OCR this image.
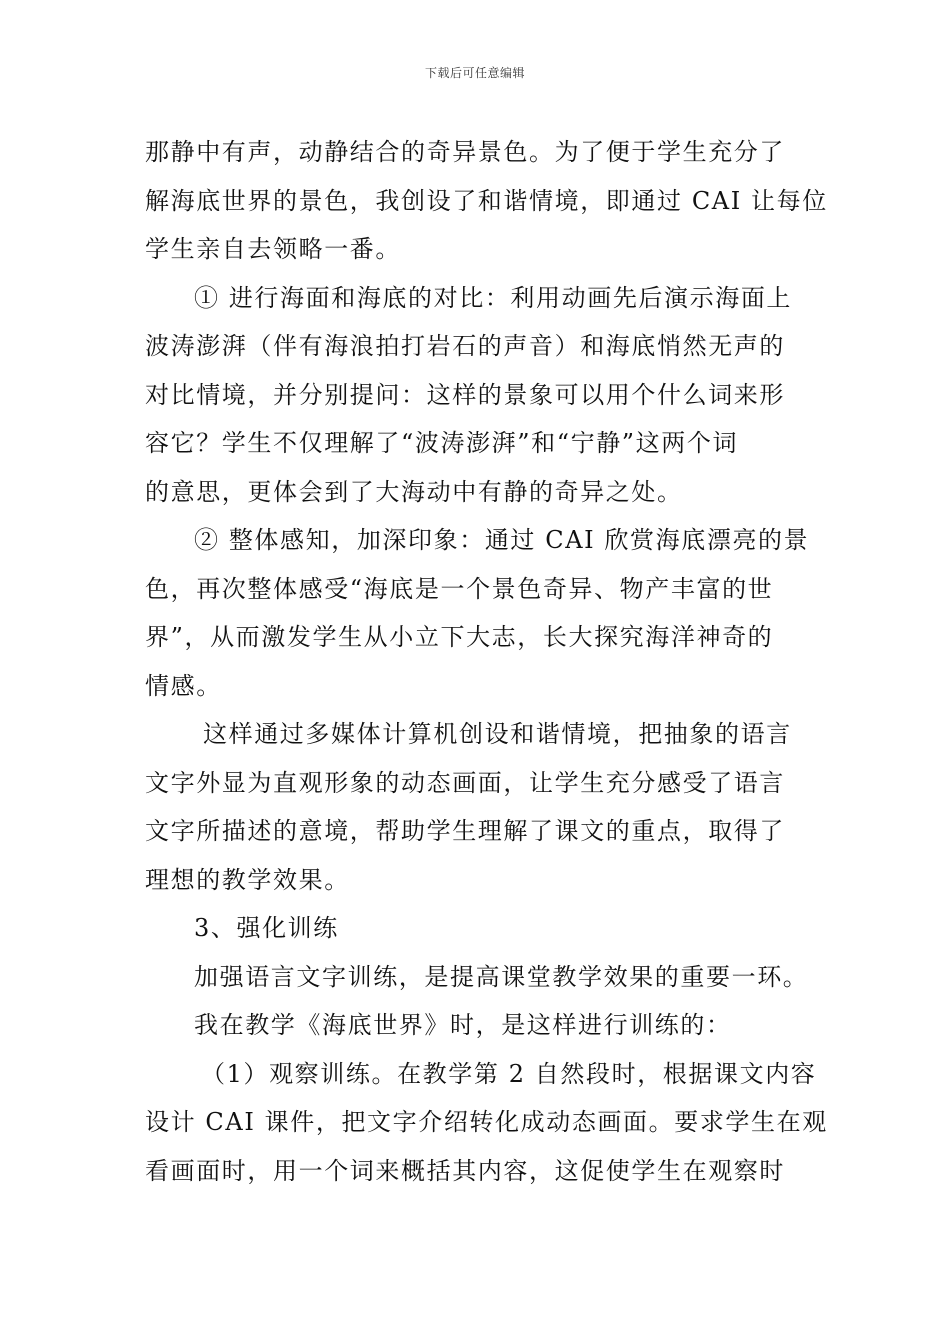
下载后可任意编辑
那静中有声，动静结合的奇异景色。为了便于学生充分了
解海底世界的景色，我创设了和谐情境，即通过 CAI 让每位
学生亲自去领略一番。
① 进行海面和海底的对比：利用动画先后演示海面上
波涛澎湃（伴有海浪拍打岩石的声音）和海底悄然无声的
对比情境，并分别提问：这样的景象可以用个什么词来形
容它？学生不仅理解了“波涛澎湃”和“宁静”这两个词
的意思，更体会到了大海动中有静的奇异之处。
② 整体感知，加深印象：通过 CAI 欣赏海底漂亮的景
色，再次整体感受“海底是一个景色奇异、物产丰富的世
界”，从而激发学生从小立下大志，长大探究海洋神奇的
情感。
这样通过多媒体计算机创设和谐情境，把抽象的语言
文字外显为直观形象的动态画面，让学生充分感受了语言
文字所描述的意境，帮助学生理解了课文的重点，取得了
理想的教学效果。
3、强化训练
加强语言文字训练，是提高课堂教学效果的重要一环。
我在教学《海底世界》时，是这样进行训练的：
（1）观察训练。在教学第 2 自然段时，根据课文内容
设计 CAI 课件，把文字介绍转化成动态画面。要求学生在观
看画面时，用一个词来概括其内容，这促使学生在观察时
